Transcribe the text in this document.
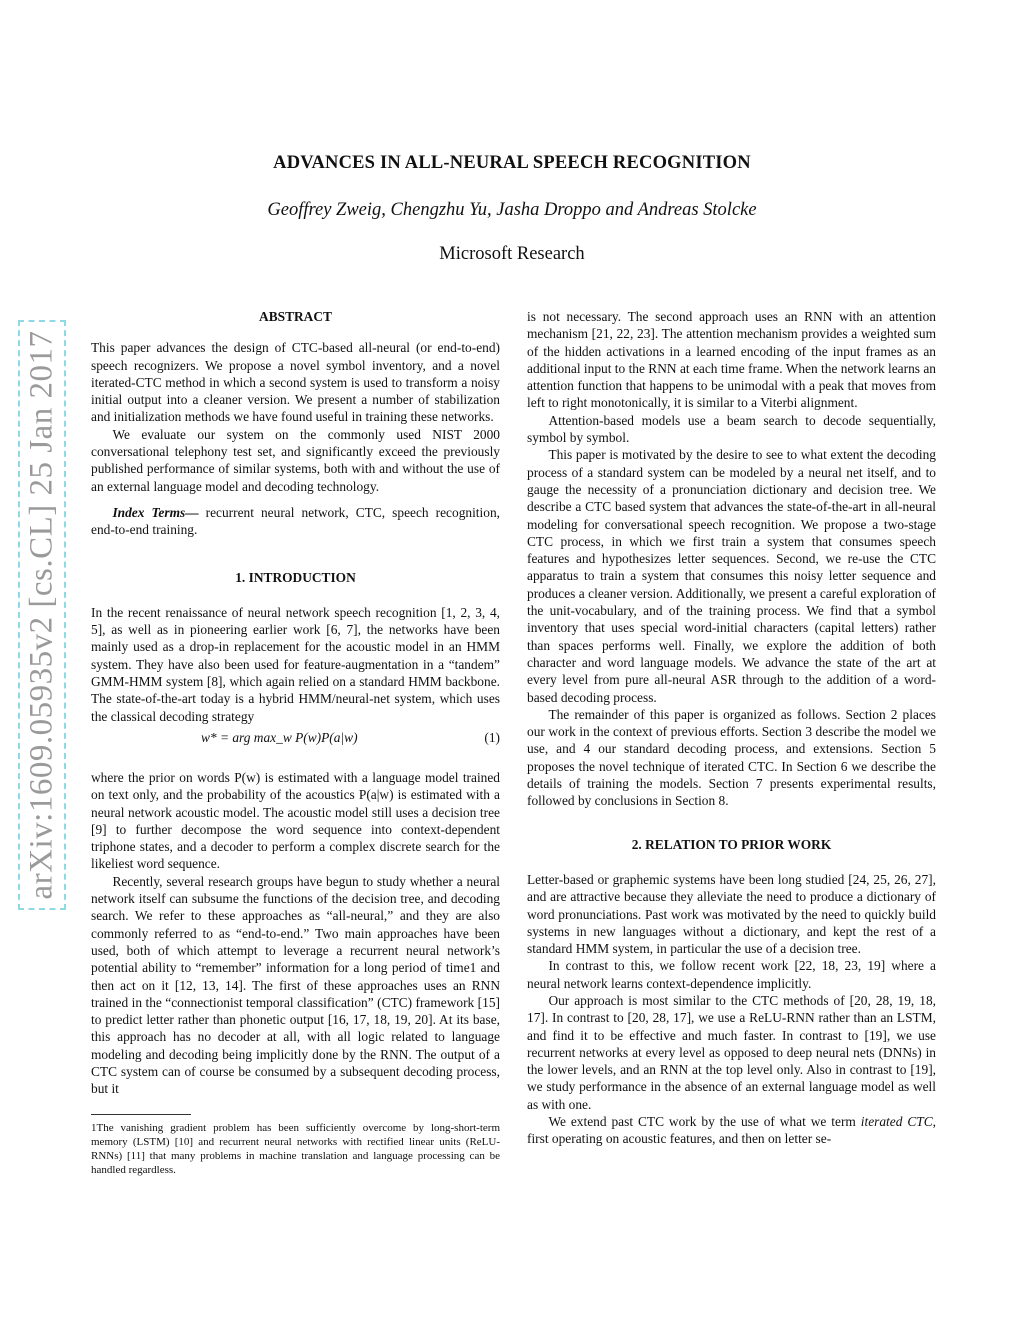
arXiv:1609.05935v2 [cs.CL] 25 Jan 2017
ADVANCES IN ALL-NEURAL SPEECH RECOGNITION
Geoffrey Zweig, Chengzhu Yu, Jasha Droppo and Andreas Stolcke
Microsoft Research

ABSTRACT

This paper advances the design of CTC-based all-neural (or end-to-end) speech recognizers. We propose a novel symbol inventory, and a novel iterated-CTC method in which a second system is used to transform a noisy initial output into a cleaner version. We present a number of stabilization and initialization methods we have found useful in training these networks.

We evaluate our system on the commonly used NIST 2000 conversational telephony test set, and significantly exceed the previously published performance of similar systems, both with and without the use of an external language model and decoding technology.

Index Terms— recurrent neural network, CTC, speech recognition, end-to-end training.

1. INTRODUCTION

In the recent renaissance of neural network speech recognition [1, 2, 3, 4, 5], as well as in pioneering earlier work [6, 7], the networks have been mainly used as a drop-in replacement for the acoustic model in an HMM system. They have also been used for feature-augmentation in a “tandem” GMM-HMM system [8], which again relied on a standard HMM backbone. The state-of-the-art today is a hybrid HMM/neural-net system, which uses the classical decoding strategy

w* = arg max_w P(w)P(a|w)	(1)

where the prior on words P(w) is estimated with a language model trained on text only, and the probability of the acoustics P(a|w) is estimated with a neural network acoustic model. The acoustic model still uses a decision tree [9] to further decompose the word sequence into context-dependent triphone states, and a decoder to perform a complex discrete search for the likeliest word sequence.

Recently, several research groups have begun to study whether a neural network itself can subsume the functions of the decision tree, and decoding search. We refer to these approaches as “all-neural,” and they are also commonly referred to as “end-to-end.” Two main approaches have been used, both of which attempt to leverage a recurrent neural network’s potential ability to “remember” information for a long period of time1 and then act on it [12, 13, 14]. The first of these approaches uses an RNN trained in the “connectionist temporal classification” (CTC) framework [15] to predict letter rather than phonetic output [16, 17, 18, 19, 20]. At its base, this approach has no decoder at all, with all logic related to language modeling and decoding being implicitly done by the RNN. The output of a CTC system can of course be consumed by a subsequent decoding process, but it

1The vanishing gradient problem has been sufficiently overcome by long-short-term memory (LSTM) [10] and recurrent neural networks with rectified linear units (ReLU-RNNs) [11] that many problems in machine translation and language processing can be handled regardless.

is not necessary. The second approach uses an RNN with an attention mechanism [21, 22, 23]. The attention mechanism provides a weighted sum of the hidden activations in a learned encoding of the input frames as an additional input to the RNN at each time frame. When the network learns an attention function that happens to be unimodal with a peak that moves from left to right monotonically, it is similar to a Viterbi alignment.

Attention-based models use a beam search to decode sequentially, symbol by symbol.

This paper is motivated by the desire to see to what extent the decoding process of a standard system can be modeled by a neural net itself, and to gauge the necessity of a pronunciation dictionary and decision tree. We describe a CTC based system that advances the state-of-the-art in all-neural modeling for conversational speech recognition. We propose a two-stage CTC process, in which we first train a system that consumes speech features and hypothesizes letter sequences. Second, we re-use the CTC apparatus to train a system that consumes this noisy letter sequence and produces a cleaner version. Additionally, we present a careful exploration of the unit-vocabulary, and of the training process. We find that a symbol inventory that uses special word-initial characters (capital letters) rather than spaces performs well. Finally, we explore the addition of both character and word language models. We advance the state of the art at every level from pure all-neural ASR through to the addition of a word-based decoding process.

The remainder of this paper is organized as follows. Section 2 places our work in the context of previous efforts. Section 3 describe the model we use, and 4 our standard decoding process, and extensions. Section 5 proposes the novel technique of iterated CTC. In Section 6 we describe the details of training the models. Section 7 presents experimental results, followed by conclusions in Section 8.

2. RELATION TO PRIOR WORK

Letter-based or graphemic systems have been long studied [24, 25, 26, 27], and are attractive because they alleviate the need to produce a dictionary of word pronunciations. Past work was motivated by the need to quickly build systems in new languages without a dictionary, and kept the rest of a standard HMM system, in particular the use of a decision tree.

In contrast to this, we follow recent work [22, 18, 23, 19] where a neural network learns context-dependence implicitly.

Our approach is most similar to the CTC methods of [20, 28, 19, 18, 17]. In contrast to [20, 28, 17], we use a ReLU-RNN rather than an LSTM, and find it to be effective and much faster. In contrast to [19], we use recurrent networks at every level as opposed to deep neural nets (DNNs) in the lower levels, and an RNN at the top level only. Also in contrast to [19], we study performance in the absence of an external language model as well as with one.

We extend past CTC work by the use of what we term iterated CTC, first operating on acoustic features, and then on letter se-
